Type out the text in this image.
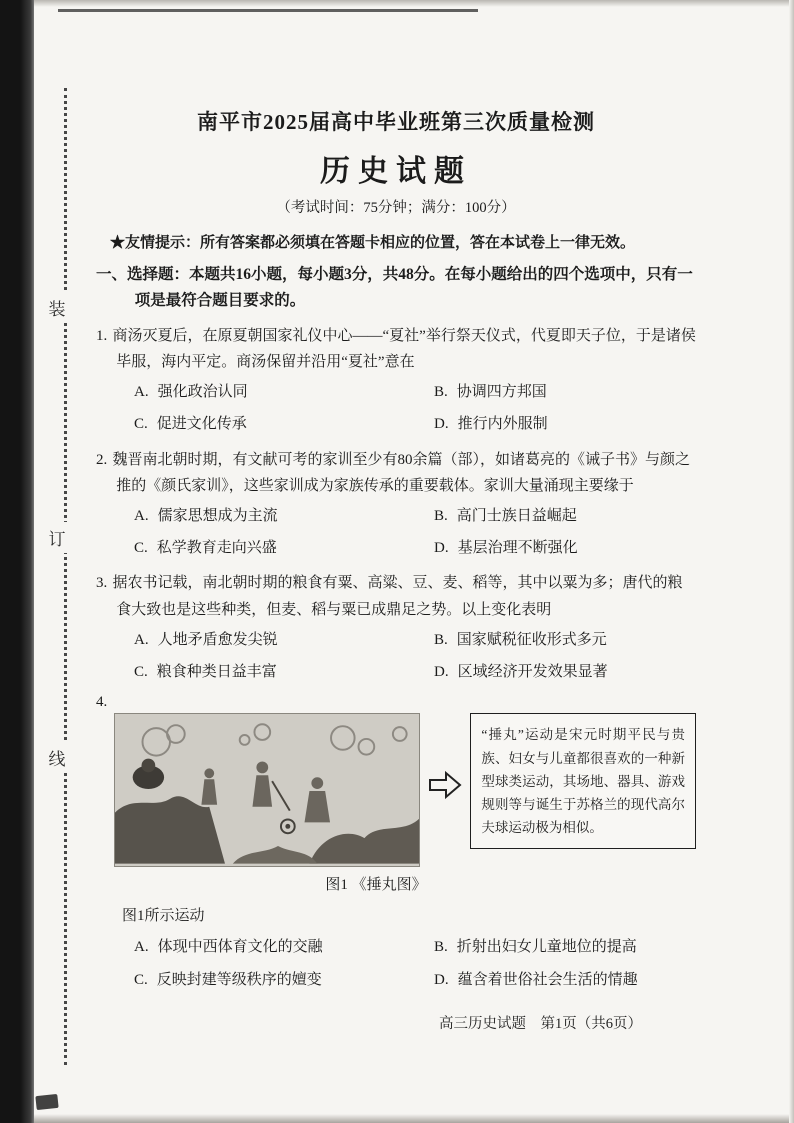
装
订
线
南平市2025届高中毕业班第三次质量检测
历史试题
（考试时间：75分钟；满分：100分）
★友情提示：所有答案都必须填在答题卡相应的位置，答在本试卷上一律无效。
一、选择题：本题共16小题，每小题3分，共48分。在每小题给出的四个选项中，只有一项是最符合题目要求的。
1. 商汤灭夏后，在原夏朝国家礼仪中心——“夏社”举行祭天仪式，代夏即天子位，于是诸侯毕服，海内平定。商汤保留并沿用“夏社”意在
A. 强化政治认同	B. 协调四方邦国
C. 促进文化传承	D. 推行内外服制
2. 魏晋南北朝时期，有文献可考的家训至少有80余篇（部），如诸葛亮的《诫子书》与颜之推的《颜氏家训》，这些家训成为家族传承的重要载体。家训大量涌现主要缘于
A. 儒家思想成为主流	B. 高门士族日益崛起
C. 私学教育走向兴盛	D. 基层治理不断强化
3. 据农书记载，南北朝时期的粮食有粟、高粱、豆、麦、稻等，其中以粟为多；唐代的粮食大致也是这些种类，但麦、稻与粟已成鼎足之势。以上变化表明
A. 人地矛盾愈发尖锐	B. 国家赋税征收形式多元
C. 粮食种类日益丰富	D. 区域经济开发效果显著
4.
“捶丸”运动是宋元时期平民与贵族、妇女与儿童都很喜欢的一种新型球类运动，其场地、器具、游戏规则等与诞生于苏格兰的现代高尔夫球运动极为相似。
图1 《捶丸图》
图1所示运动
A. 体现中西体育文化的交融	B. 折射出妇女儿童地位的提高
C. 反映封建等级秩序的嬗变	D. 蕴含着世俗社会生活的情趣
高三历史试题　第1页（共6页）
